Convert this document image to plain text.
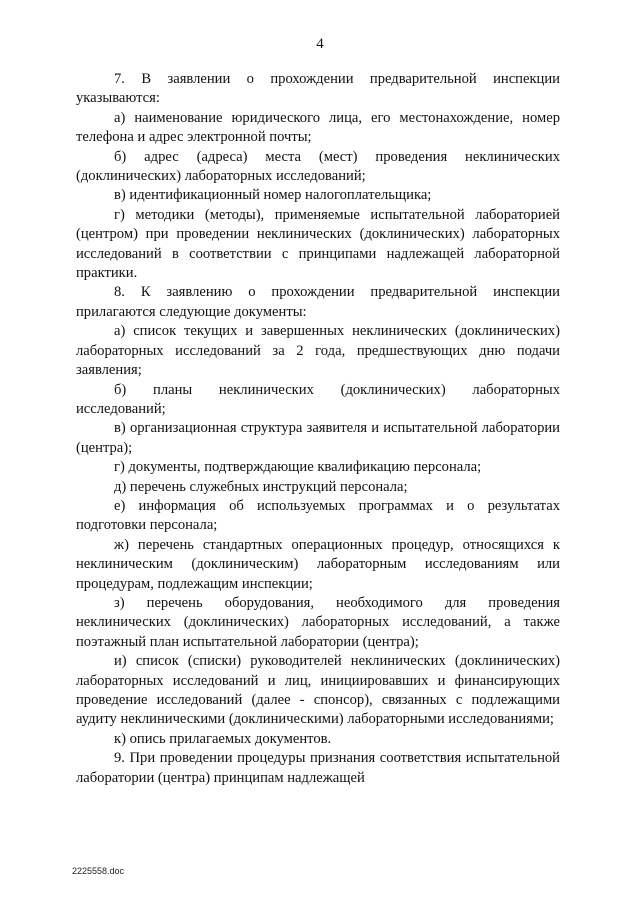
4

7. В заявлении о прохождении предварительной инспекции указываются:

а) наименование юридического лица, его местонахождение, номер телефона и адрес электронной почты;

б) адрес (адреса) места (мест) проведения неклинических (доклинических) лабораторных исследований;

в) идентификационный номер налогоплательщика;

г) методики (методы), применяемые испытательной лабораторией (центром) при проведении неклинических (доклинических) лабораторных исследований в соответствии с принципами надлежащей лабораторной практики.

8. К заявлению о прохождении предварительной инспекции прилагаются следующие документы:

а) список текущих и завершенных неклинических (доклинических) лабораторных исследований за 2 года, предшествующих дню подачи заявления;

б) планы неклинических (доклинических) лабораторных исследований;

в) организационная структура заявителя и испытательной лаборатории (центра);

г) документы, подтверждающие квалификацию персонала;

д) перечень служебных инструкций персонала;

е) информация об используемых программах и о результатах подготовки персонала;

ж) перечень стандартных операционных процедур, относящихся к неклиническим (доклиническим) лабораторным исследованиям или процедурам, подлежащим инспекции;

з) перечень оборудования, необходимого для проведения неклинических (доклинических) лабораторных исследований, а также поэтажный план испытательной лаборатории (центра);

и) список (списки) руководителей неклинических (доклинических) лабораторных исследований и лиц, инициировавших и финансирующих проведение исследований (далее - спонсор), связанных с подлежащими аудиту неклиническими (доклиническими) лабораторными исследованиями;

к) опись прилагаемых документов.

9. При проведении процедуры признания соответствия испытательной лаборатории (центра) принципам надлежащей

2225558.doc
